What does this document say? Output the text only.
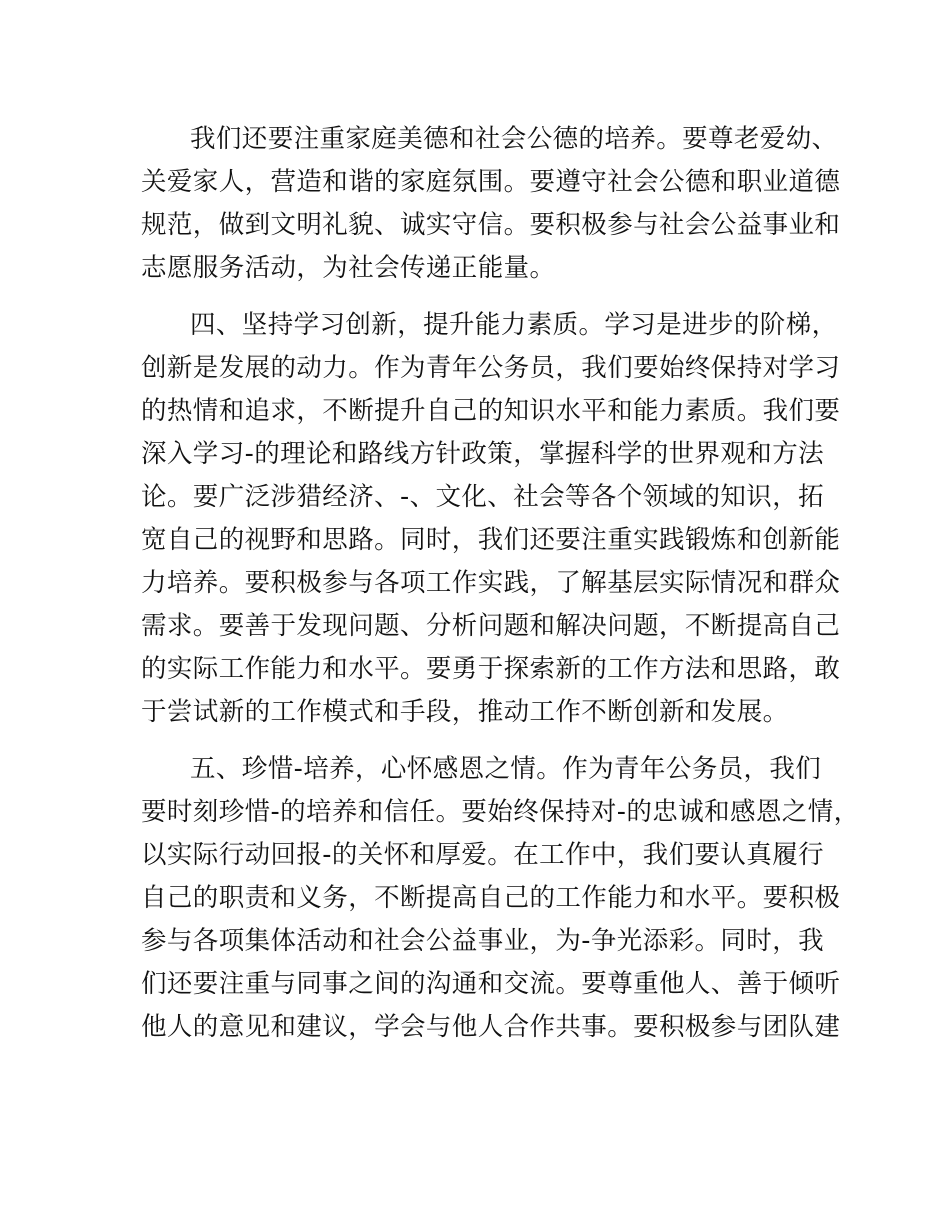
我们还要注重家庭美德和社会公德的培养。要尊老爱幼、
关爱家人，营造和谐的家庭氛围。要遵守社会公德和职业道德
规范，做到文明礼貌、诚实守信。要积极参与社会公益事业和
志愿服务活动，为社会传递正能量。
四、坚持学习创新，提升能力素质。学习是进步的阶梯，
创新是发展的动力。作为青年公务员，我们要始终保持对学习
的热情和追求，不断提升自己的知识水平和能力素质。我们要
深入学习-的理论和路线方针政策，掌握科学的世界观和方法
论。要广泛涉猎经济、-、文化、社会等各个领域的知识，拓
宽自己的视野和思路。同时，我们还要注重实践锻炼和创新能
力培养。要积极参与各项工作实践，了解基层实际情况和群众
需求。要善于发现问题、分析问题和解决问题，不断提高自己
的实际工作能力和水平。要勇于探索新的工作方法和思路，敢
于尝试新的工作模式和手段，推动工作不断创新和发展。
五、珍惜-培养，心怀感恩之情。作为青年公务员，我们
要时刻珍惜-的培养和信任。要始终保持对-的忠诚和感恩之情，
以实际行动回报-的关怀和厚爱。在工作中，我们要认真履行
自己的职责和义务，不断提高自己的工作能力和水平。要积极
参与各项集体活动和社会公益事业，为-争光添彩。同时，我
们还要注重与同事之间的沟通和交流。要尊重他人、善于倾听
他人的意见和建议，学会与他人合作共事。要积极参与团队建
